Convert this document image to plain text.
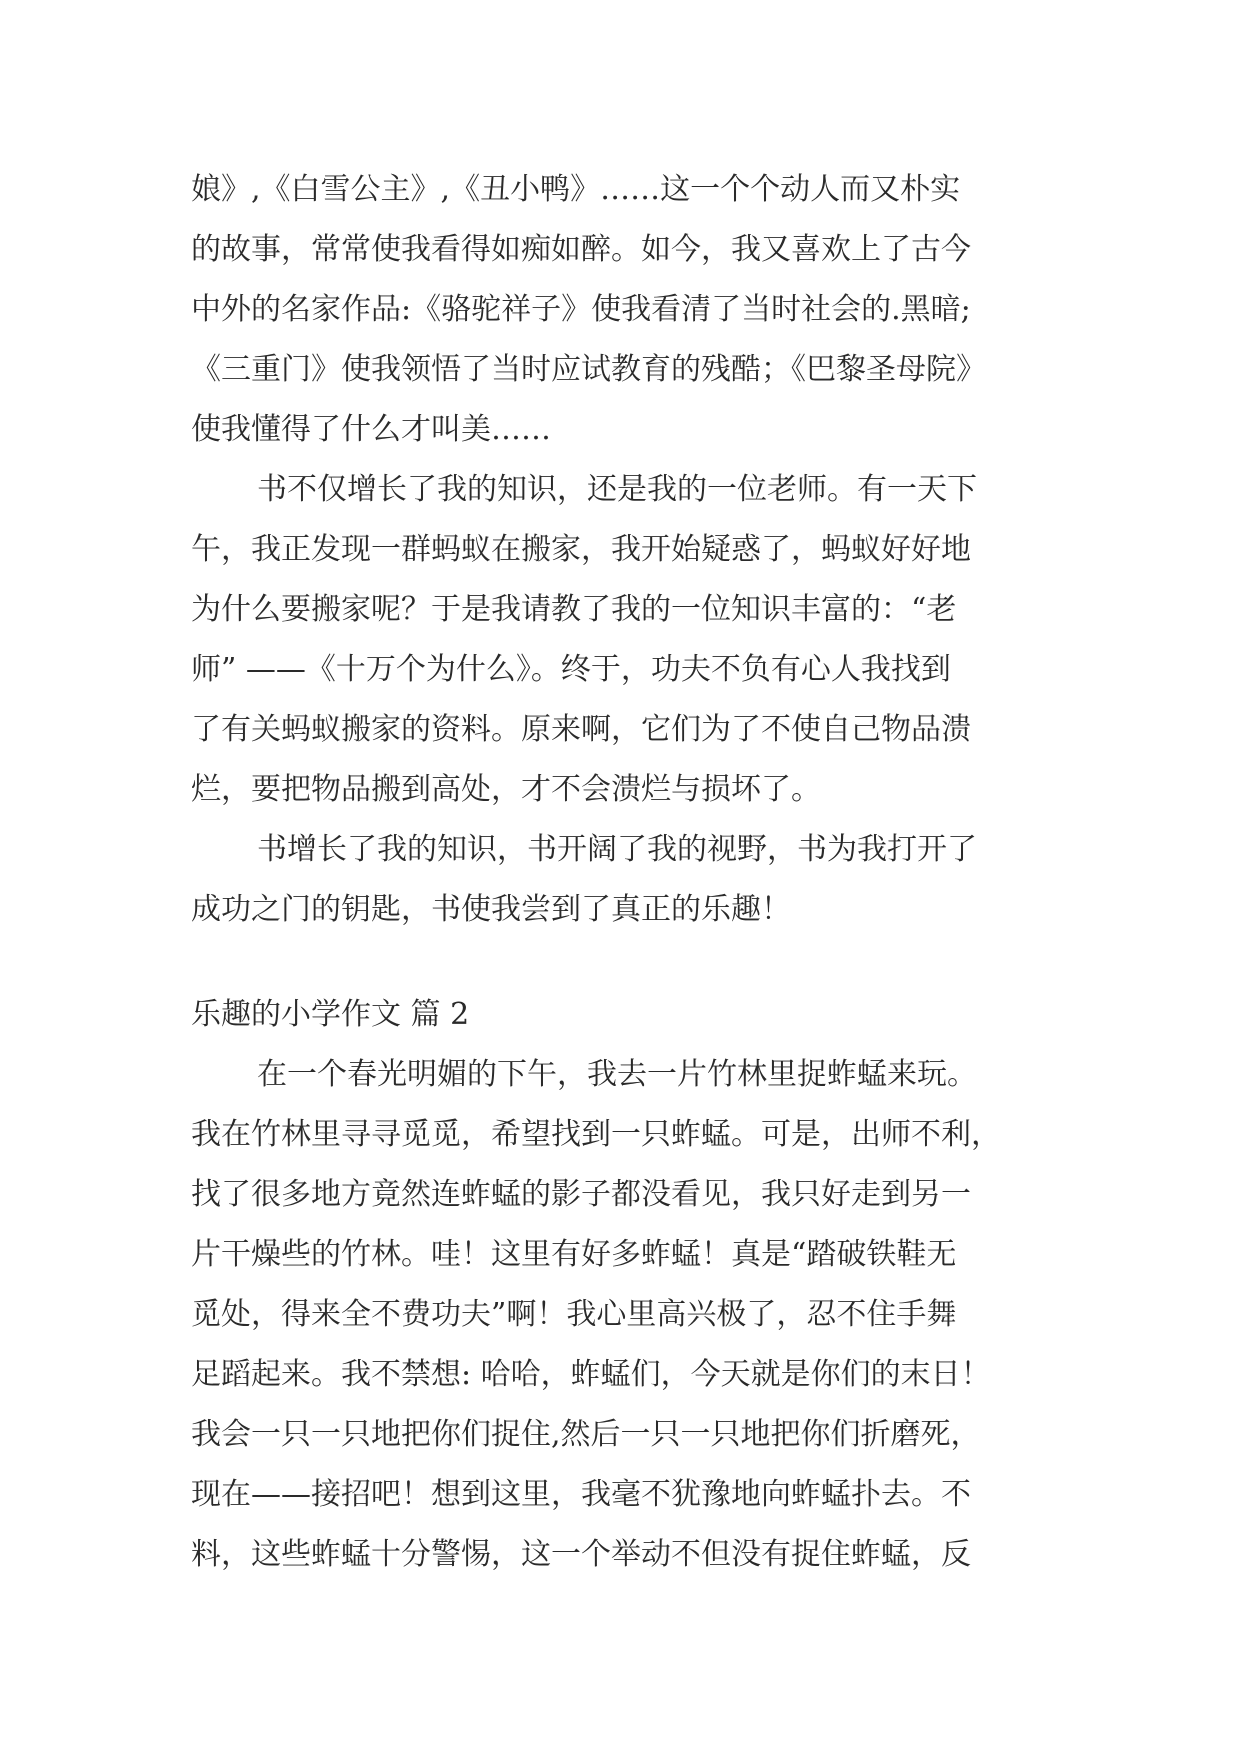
娘》,《白雪公主》,《丑小鸭》……这一个个动人而又朴实
的故事，常常使我看得如痴如醉。如今，我又喜欢上了古今
中外的名家作品:《骆驼祥子》使我看清了当时社会的.黑暗;
《三重门》使我领悟了当时应试教育的残酷；《巴黎圣母院》
使我懂得了什么才叫美……
书不仅增长了我的知识，还是我的一位老师。有一天下
午，我正发现一群蚂蚁在搬家，我开始疑惑了，蚂蚁好好地
为什么要搬家呢？于是我请教了我的一位知识丰富的：“老
师” ——《十万个为什么》。终于，功夫不负有心人我找到
了有关蚂蚁搬家的资料。原来啊，它们为了不使自己物品溃
烂，要把物品搬到高处，才不会溃烂与损坏了。
书增长了我的知识，书开阔了我的视野，书为我打开了
成功之门的钥匙，书使我尝到了真正的乐趣！
乐趣的小学作文 篇 2
在一个春光明媚的下午，我去一片竹林里捉蚱蜢来玩。
我在竹林里寻寻觅觅，希望找到一只蚱蜢。可是，出师不利，
找了很多地方竟然连蚱蜢的影子都没看见，我只好走到另一
片干燥些的竹林。哇！这里有好多蚱蜢！真是“踏破铁鞋无
觅处，得来全不费功夫”啊！我心里高兴极了，忍不住手舞
足蹈起来。我不禁想: 哈哈，蚱蜢们，今天就是你们的末日！
我会一只一只地把你们捉住,然后一只一只地把你们折磨死，
现在——接招吧！想到这里，我毫不犹豫地向蚱蜢扑去。不
料，这些蚱蜢十分警惕，这一个举动不但没有捉住蚱蜢，反
